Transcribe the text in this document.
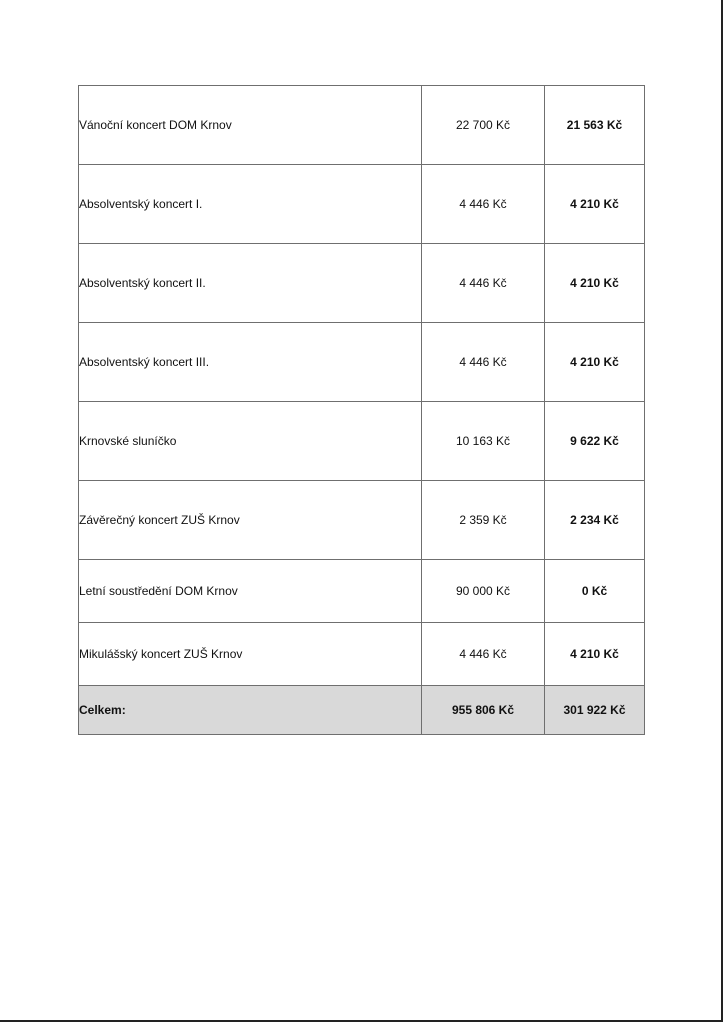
Vánoční koncert DOM Krnov	22 700 Kč	21 563 Kč
Absolventský koncert I.	4 446 Kč	4 210 Kč
Absolventský koncert II.	4 446 Kč	4 210 Kč
Absolventský koncert III.	4 446 Kč	4 210 Kč
Krnovské sluníčko	10 163 Kč	9 622 Kč
Závěrečný koncert ZUŠ Krnov	2 359 Kč	2 234 Kč
Letní soustředění DOM Krnov	90 000 Kč	0 Kč
Mikulášský koncert ZUŠ Krnov	4 446 Kč	4 210 Kč
Celkem:	955 806 Kč	301 922 Kč
